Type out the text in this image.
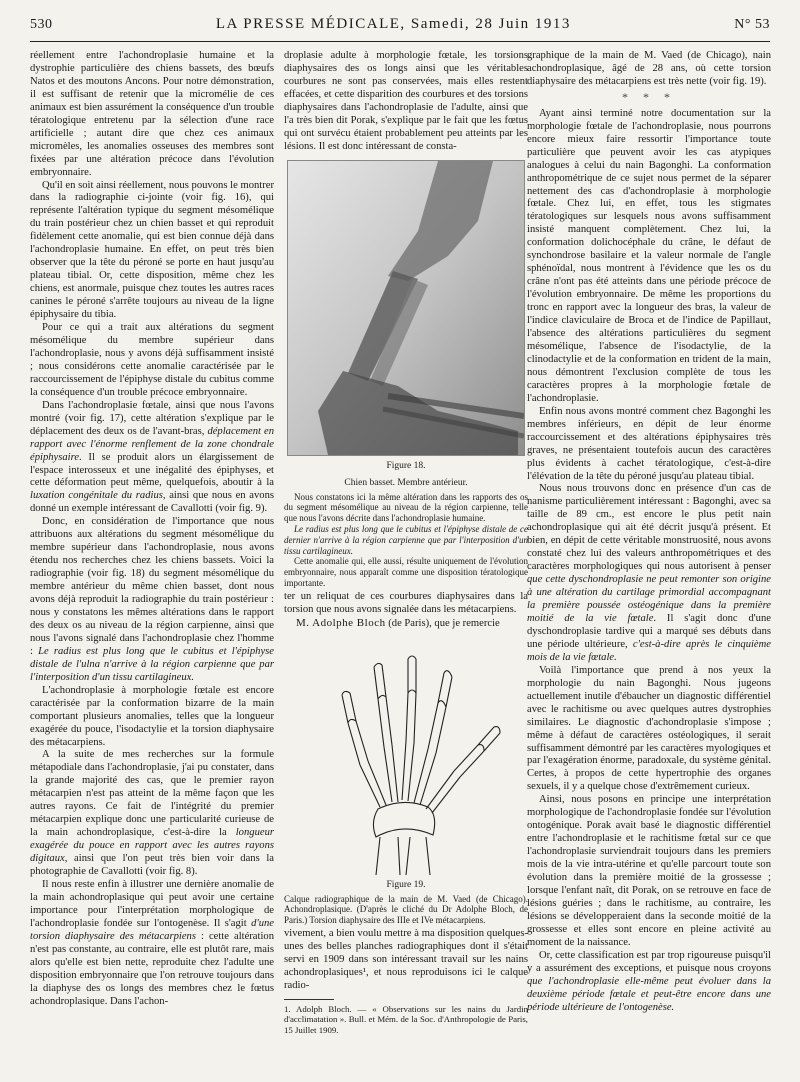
530	LA PRESSE MÉDICALE, Samedi, 28 Juin 1913	N° 53

réellement entre l'achondroplasie humaine et la dystrophie particulière des chiens bassets, des bœufs Natos et des moutons Ancons. Pour notre démonstration, il est suffisant de retenir que la micromélie de ces animaux est bien assurément la conséquence d'un trouble tératologique entretenu par la sélection d'une race artificielle ; autant dire que chez ces animaux micromèles, les anomalies osseuses des membres sont fixées par une altération précoce dans l'évolution embryonnaire.

Qu'il en soit ainsi réellement, nous pouvons le montrer dans la radiographie ci-jointe (voir fig. 16), qui représente l'altération typique du segment mésomélique du train postérieur chez un chien basset et qui reproduit fidèlement cette anomalie, qui est bien connue déjà dans l'achondroplasie humaine. En effet, on peut très bien observer que la tête du péroné se porte en haut jusqu'au plateau tibial. Or, cette disposition, même chez les chiens, est anormale, puisque chez toutes les autres races canines le péroné s'arrête toujours au niveau de la ligne épiphysaire du tibia.

Pour ce qui a trait aux altérations du segment mésomélique du membre supérieur dans l'achondroplasie, nous y avons déjà suffisamment insisté ; nous considérons cette anomalie caractérisée par le raccourcissement de l'épiphyse distale du cubitus comme la conséquence d'un trouble précoce embryonnaire.

Dans l'achondroplasie fœtale, ainsi que nous l'avons montré (voir fig. 17), cette altération s'explique par le déplacement des deux os de l'avant-bras, déplacement en rapport avec l'énorme renflement de la zone chondrale épiphysaire. Il se produit alors un élargissement de l'espace interosseux et une inégalité des épiphyses, et cette déformation peut même, quelquefois, aboutir à la luxation congénitale du radius, ainsi que nous en avons donné un exemple intéressant de Cavallotti (voir fig. 9).

Donc, en considération de l'importance que nous attribuons aux altérations du segment mésomélique du membre supérieur dans l'achondroplasie, nous avons étendu nos recherches chez les chiens bassets. Voici la radiographie (voir fig. 18) du segment mésomélique du membre antérieur du même chien basset, dont nous avons déjà reproduit la radiographie du train postérieur : nous y constatons les mêmes altérations dans le rapport des deux os au niveau de la région carpienne, ainsi que nous l'avons signalé dans l'achondroplasie chez l'homme : Le radius est plus long que le cubitus et l'épiphyse distale de l'ulna n'arrive à la région carpienne que par l'interposition d'un tissu cartilagineux.

L'achondroplasie à morphologie fœtale est encore caractérisée par la conformation bizarre de la main comportant plusieurs anomalies, telles que la longueur exagérée du pouce, l'isodactylie et la torsion diaphysaire des métacarpiens.

A la suite de mes recherches sur la formule métapodiale dans l'achondroplasie, j'ai pu constater, dans la grande majorité des cas, que le premier rayon métacarpien n'est pas atteint de la même façon que les autres rayons. Ce fait de l'intégrité du premier métacarpien explique donc une particularité curieuse de la main achondroplasique, c'est-à-dire la longueur exagérée du pouce en rapport avec les autres rayons digitaux, ainsi que l'on peut très bien voir dans la photographie de Cavallotti (voir fig. 8).

Il nous reste enfin à illustrer une dernière anomalie de la main achondroplasique qui peut avoir une certaine importance pour l'interprétation morphologique de l'achondroplasie fondée sur l'ontogenèse. Il s'agit d'une torsion diaphysaire des métacarpiens : cette altération n'est pas constante, au contraire, elle est plutôt rare, mais alors qu'elle est bien nette, reproduite chez l'adulte une disposition embryonnaire que l'on retrouve toujours dans la diaphyse des os longs des membres chez le fœtus achondroplasique. Dans l'achon-

droplasie adulte à morphologie fœtale, les torsions diaphysaires des os longs ainsi que les véritables courbures ne sont pas conservées, mais elles restent effacées, et cette disparition des courbures et des torsions diaphysaires dans l'achondroplasie de l'adulte, ainsi que l'a très bien dit Porak, s'explique par le fait que les fœtus qui ont survécu étaient probablement peu atteints par les lésions. Il est donc intéressant de consta-

Figure 18.
Chien basset. Membre antérieur.

Nous constatons ici la même altération dans les rapports des os du segment mésomélique au niveau de la région carpienne, telle que nous l'avons décrite dans l'achondroplasie humaine.

Le radius est plus long que le cubitus et l'épiphyse distale de ce dernier n'arrive à la région carpienne que par l'interposition d'un tissu cartilagineux.

Cette anomalie qui, elle aussi, résulte uniquement de l'évolution embryonnaire, nous apparaît comme une disposition tératologique importante.

ter un reliquat de ces courbures diaphysaires dans la torsion que nous avons signalée dans les métacarpiens.

M. Adolphe Bloch (de Paris), que je remercie

Figure 19.
Calque radiographique de la main de M. Vaed (de Chicago). Achondroplasique. (D'après le cliché du Dr Adolphe Bloch, de Paris.) Torsion diaphysaire des IIIe et IVe métacarpiens.

vivement, a bien voulu mettre à ma disposition quelques-unes des belles planches radiographiques dont il s'était servi en 1909 dans son intéressant travail sur les nains achondroplasiques¹, et nous reproduisons ici le calque radio-

1. Adolph Bloch. — « Observations sur les nains du Jardin d'acclimatation ». Bull. et Mém. de la Soc. d'Anthropologie de Paris, 15 Juillet 1909.

graphique de la main de M. Vaed (de Chicago), nain achondroplasique, âgé de 28 ans, où cette torsion diaphysaire des métacarpiens est très nette (voir fig. 19).

* * *

Ayant ainsi terminé notre documentation sur la morphologie fœtale de l'achondroplasie, nous pourrons encore mieux faire ressortir l'importance toute particulière que peuvent avoir les cas atypiques analogues à celui du nain Bagonghi. La conformation anthropométrique de ce sujet nous permet de la séparer nettement des cas d'achondroplasie à morphologie fœtale. Chez lui, en effet, tous les stigmates tératologiques sur lesquels nous avons suffisamment insisté manquent complètement. Chez lui, la conformation dolichocéphale du crâne, le défaut de synchondrose basilaire et la valeur normale de l'angle sphénoïdal, nous montrent à l'évidence que les os du crâne n'ont pas été atteints dans une période précoce de l'évolution embryonnaire. De même les proportions du tronc en rapport avec la longueur des bras, la valeur de l'indice claviculaire de Broca et de l'indice de Papillaut, l'absence des altérations particulières du segment mésomélique, l'absence de l'isodactylie, de la clinodactylie et de la conformation en trident de la main, nous démontrent l'exclusion complète de tous les caractères propres à la morphologie fœtale de l'achondroplasie.

Enfin nous avons montré comment chez Bagonghi les membres inférieurs, en dépit de leur énorme raccourcissement et des altérations épiphysaires très graves, ne présentaient toutefois aucun des caractères plus évidents à cachet tératologique, c'est-à-dire l'élévation de la tête du péroné jusqu'au plateau tibial.

Nous nous trouvons donc en présence d'un cas de nanisme particulièrement intéressant : Bagonghi, avec sa taille de 89 cm., est encore le plus petit nain achondroplasique qui ait été décrit jusqu'à présent. Et bien, en dépit de cette véritable monstruosité, nous avons constaté chez lui des valeurs anthropométriques et des caractères morphologiques qui nous autorisent à penser que cette dyschondroplasie ne peut remonter son origine à une altération du cartilage primordial accompagnant la première poussée ostéogénique dans la première moitié de la vie fœtale. Il s'agit donc d'une dyschondroplasie tardive qui a marqué ses débuts dans une période ultérieure, c'est-à-dire après le cinquième mois de la vie fœtale.

Voilà l'importance que prend à nos yeux la morphologie du nain Bagonghi. Nous jugeons actuellement inutile d'ébaucher un diagnostic différentiel avec le rachitisme ou avec quelques autres dystrophies similaires. Le diagnostic d'achondroplasie s'impose ; même à défaut de caractères ostéologiques, il serait suffisamment démontré par les caractères myologiques et par l'exagération énorme, paradoxale, du système génital. Certes, à propos de cette hypertrophie des organes sexuels, il y a quelque chose d'extrêmement curieux.

Ainsi, nous posons en principe une interprétation morphologique de l'achondroplasie fondée sur l'évolution ontogénique. Porak avait basé le diagnostic différentiel entre l'achondroplasie et le rachitisme fœtal sur ce que l'achondroplasie surviendrait toujours dans les premiers mois de la vie intra-utérine et qu'elle parcourt toute son évolution dans la première moitié de la grossesse ; lorsque l'enfant naît, dit Porak, on se retrouve en face de lésions guéries ; dans le rachitisme, au contraire, les lésions se développeraient dans la seconde moitié de la grossesse et elles sont encore en pleine activité au moment de la naissance.

Or, cette classification est par trop rigoureuse puisqu'il y a assurément des exceptions, et puisque nous croyons que l'achondroplasie elle-même peut évoluer dans la deuxième période fœtale et peut-être encore dans une période ultérieure de l'ontogenèse.
